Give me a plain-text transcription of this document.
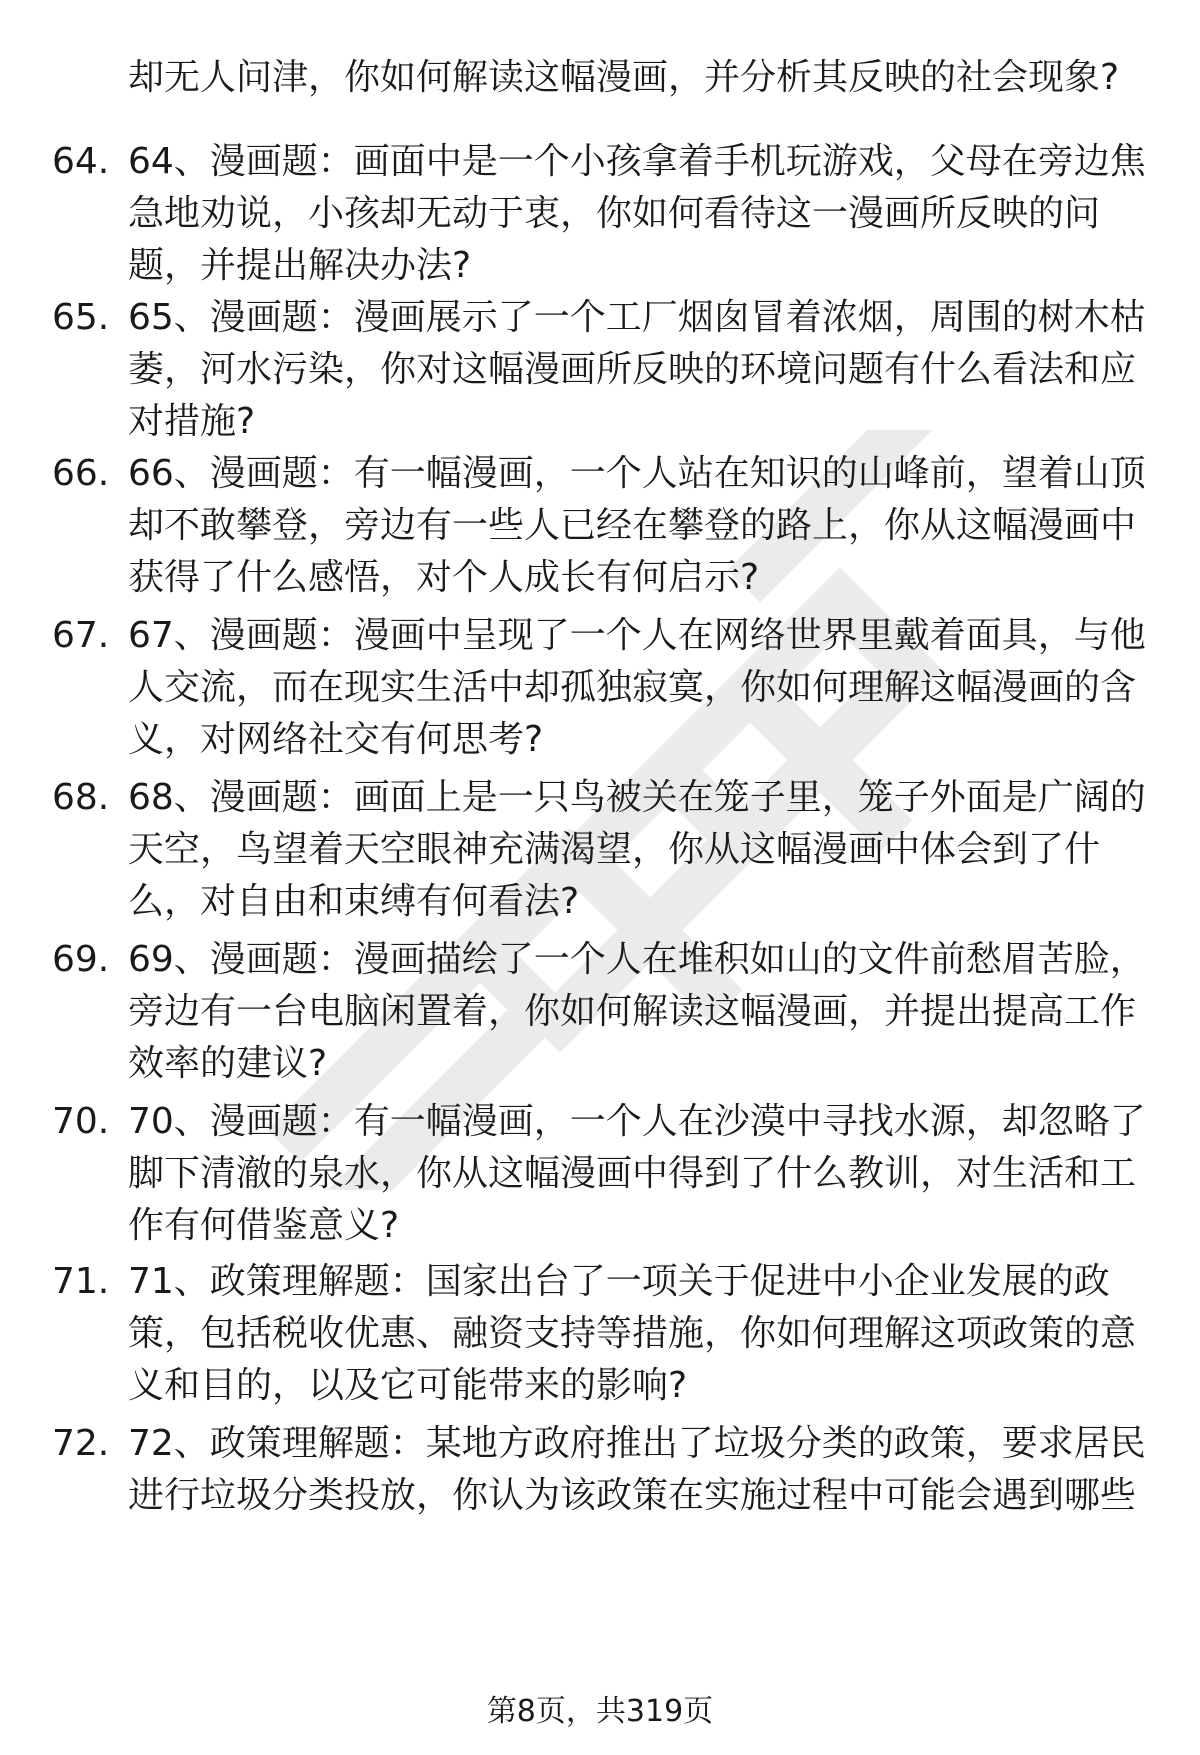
却无人问津，你如何解读这幅漫画，并分析其反映的社会现象?
64. 64、漫画题：画面中是一个小孩拿着手机玩游戏，父母在旁边焦
急地劝说，小孩却无动于衷，你如何看待这一漫画所反映的问
题，并提出解决办法?
65. 65、漫画题：漫画展示了一个工厂烟囱冒着浓烟，周围的树木枯
萎，河水污染，你对这幅漫画所反映的环境问题有什么看法和应
对措施?
66. 66、漫画题：有一幅漫画，一个人站在知识的山峰前，望着山顶
却不敢攀登，旁边有一些人已经在攀登的路上，你从这幅漫画中
获得了什么感悟，对个人成长有何启示?
67. 67、漫画题：漫画中呈现了一个人在网络世界里戴着面具，与他
人交流，而在现实生活中却孤独寂寞，你如何理解这幅漫画的含
义，对网络社交有何思考?
68. 68、漫画题：画面上是一只鸟被关在笼子里，笼子外面是广阔的
天空，鸟望着天空眼神充满渴望，你从这幅漫画中体会到了什
么，对自由和束缚有何看法?
69. 69、漫画题：漫画描绘了一个人在堆积如山的文件前愁眉苦脸，
旁边有一台电脑闲置着，你如何解读这幅漫画，并提出提高工作
效率的建议?
70. 70、漫画题：有一幅漫画，一个人在沙漠中寻找水源，却忽略了
脚下清澈的泉水，你从这幅漫画中得到了什么教训，对生活和工
作有何借鉴意义?
71. 71、政策理解题：国家出台了一项关于促进中小企业发展的政
策，包括税收优惠、融资支持等措施，你如何理解这项政策的意
义和目的，以及它可能带来的影响?
72. 72、政策理解题：某地方政府推出了垃圾分类的政策，要求居民
进行垃圾分类投放，你认为该政策在实施过程中可能会遇到哪些
第8页，共319页
